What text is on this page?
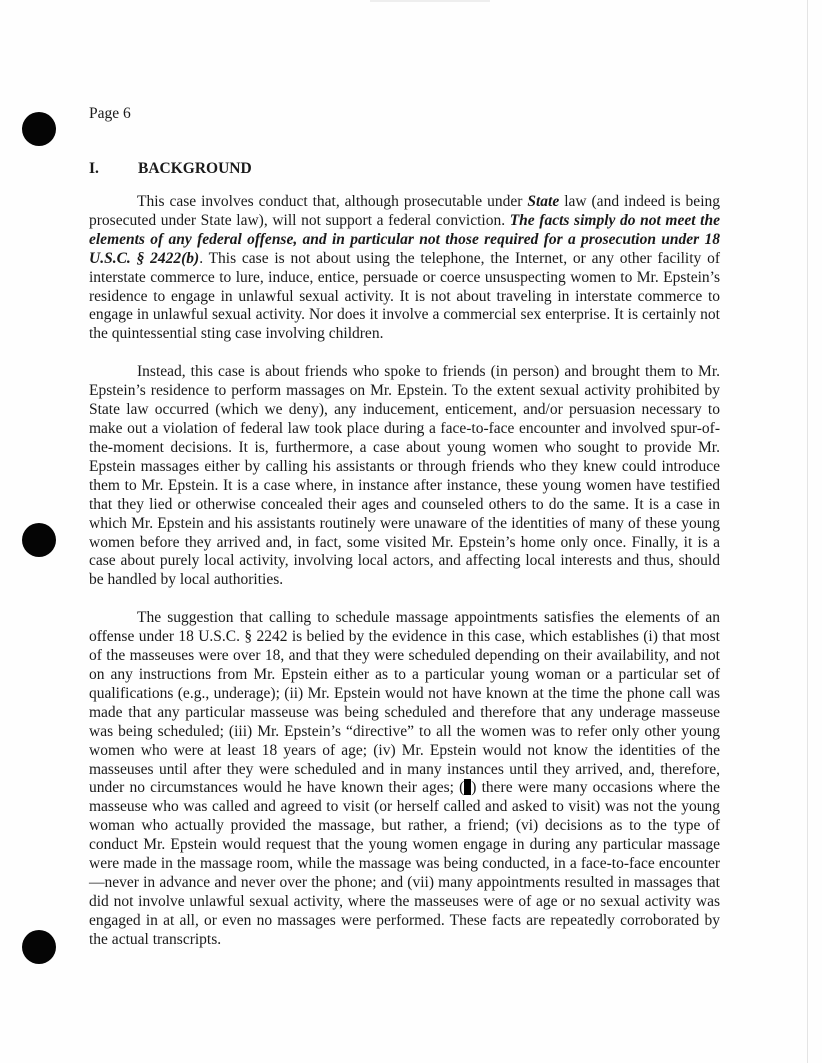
Page 6
I.	BACKGROUND

This case involves conduct that, although prosecutable under State law (and indeed is being prosecuted under State law), will not support a federal conviction. The facts simply do not meet the elements of any federal offense, and in particular not those required for a prosecution under 18 U.S.C. § 2422(b). This case is not about using the telephone, the Internet, or any other facility of interstate commerce to lure, induce, entice, persuade or coerce unsuspecting women to Mr. Epstein’s residence to engage in unlawful sexual activity. It is not about traveling in interstate commerce to engage in unlawful sexual activity. Nor does it involve a commercial sex enterprise. It is certainly not the quintessential sting case involving children.

Instead, this case is about friends who spoke to friends (in person) and brought them to Mr. Epstein’s residence to perform massages on Mr. Epstein. To the extent sexual activity prohibited by State law occurred (which we deny), any inducement, enticement, and/or persuasion necessary to make out a violation of federal law took place during a face-to-face encounter and involved spur-of-the-moment decisions. It is, furthermore, a case about young women who sought to provide Mr. Epstein massages either by calling his assistants or through friends who they knew could introduce them to Mr. Epstein. It is a case where, in instance after instance, these young women have testified that they lied or otherwise concealed their ages and counseled others to do the same. It is a case in which Mr. Epstein and his assistants routinely were unaware of the identities of many of these young women before they arrived and, in fact, some visited Mr. Epstein’s home only once. Finally, it is a case about purely local activity, involving local actors, and affecting local interests and thus, should be handled by local authorities.

The suggestion that calling to schedule massage appointments satisfies the elements of an offense under 18 U.S.C. § 2242 is belied by the evidence in this case, which establishes (i) that most of the masseuses were over 18, and that they were scheduled depending on their availability, and not on any instructions from Mr. Epstein either as to a particular young woman or a particular set of qualifications (e.g., underage); (ii) Mr. Epstein would not have known at the time the phone call was made that any particular masseuse was being scheduled and therefore that any underage masseuse was being scheduled; (iii) Mr. Epstein’s “directive” to all the women was to refer only other young women who were at least 18 years of age; (iv) Mr. Epstein would not know the identities of the masseuses until after they were scheduled and in many instances until they arrived, and, therefore, under no circumstances would he have known their ages; ( ) there were many occasions where the masseuse who was called and agreed to visit (or herself called and asked to visit) was not the young woman who actually provided the massage, but rather, a friend; (vi) decisions as to the type of conduct Mr. Epstein would request that the young women engage in during any particular massage were made in the massage room, while the massage was being conducted, in a face-to-face encounter—never in advance and never over the phone; and (vii) many appointments resulted in massages that did not involve unlawful sexual activity, where the masseuses were of age or no sexual activity was engaged in at all, or even no massages were performed. These facts are repeatedly corroborated by the actual transcripts.
